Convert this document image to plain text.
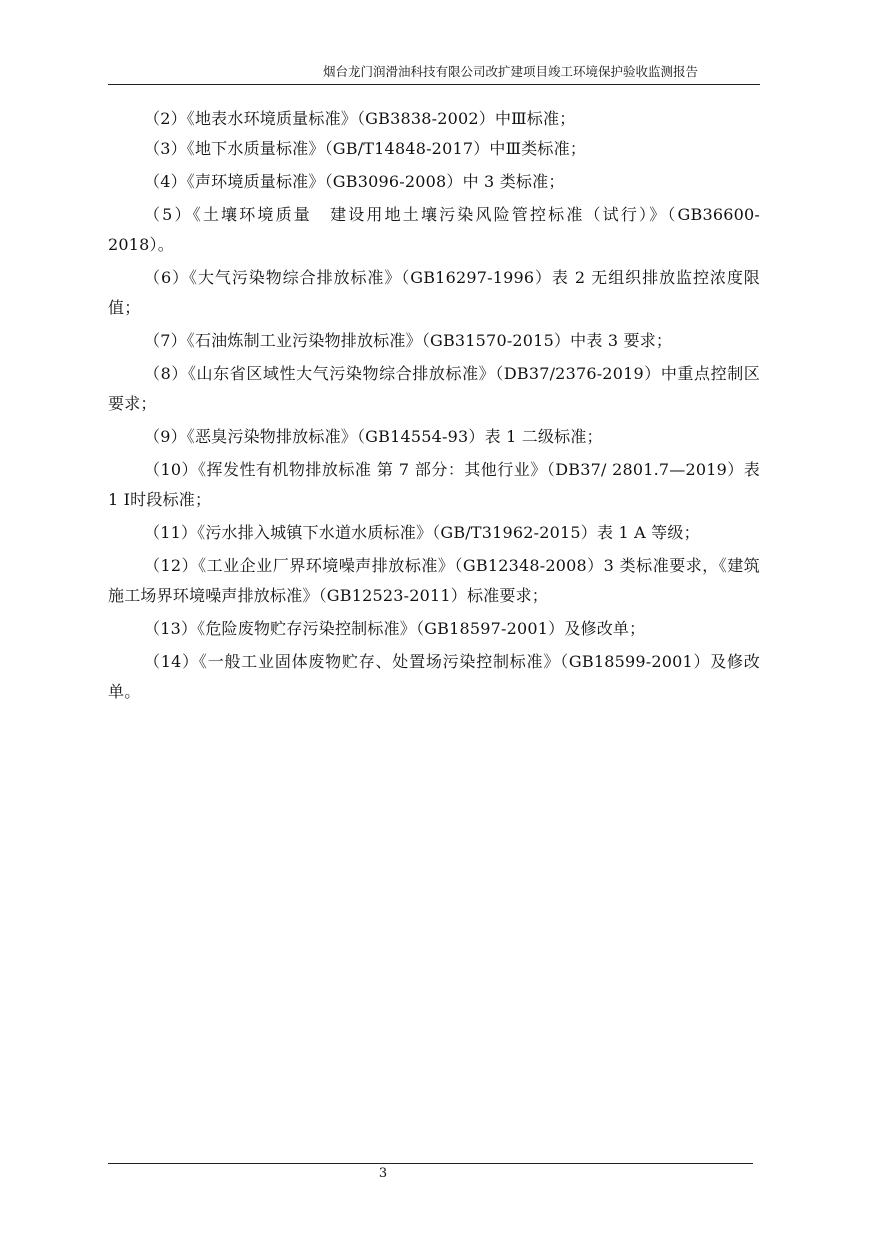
烟台龙门润滑油科技有限公司改扩建项目竣工环境保护验收监测报告

（2）《地表水环境质量标准》（GB3838-2002）中Ⅲ标准；

（3）《地下水质量标准》（GB/T14848-2017）中Ⅲ类标准；

（4）《声环境质量标准》（GB3096-2008）中 3 类标准；

（5）《土壤环境质量　建设用地土壤污染风险管控标准（试行）》（GB36600-2018）。

（6）《大气污染物综合排放标准》（GB16297-1996）表 2 无组织排放监控浓度限值；

（7）《石油炼制工业污染物排放标准》（GB31570-2015）中表 3 要求；

（8）《山东省区域性大气污染物综合排放标准》（DB37/2376-2019）中重点控制区要求；

（9）《恶臭污染物排放标准》（GB14554-93）表 1 二级标准；

（10）《挥发性有机物排放标准 第 7 部分：其他行业》（DB37/ 2801.7—2019）表 1 Ⅰ时段标准；

（11）《污水排入城镇下水道水质标准》（GB/T31962-2015）表 1 A 等级；

（12）《工业企业厂界环境噪声排放标准》（GB12348-2008）3 类标准要求，《建筑施工场界环境噪声排放标准》（GB12523-2011）标准要求；

（13）《危险废物贮存污染控制标准》（GB18597-2001）及修改单；

（14）《一般工业固体废物贮存、处置场污染控制标准》（GB18599-2001）及修改单。

3
